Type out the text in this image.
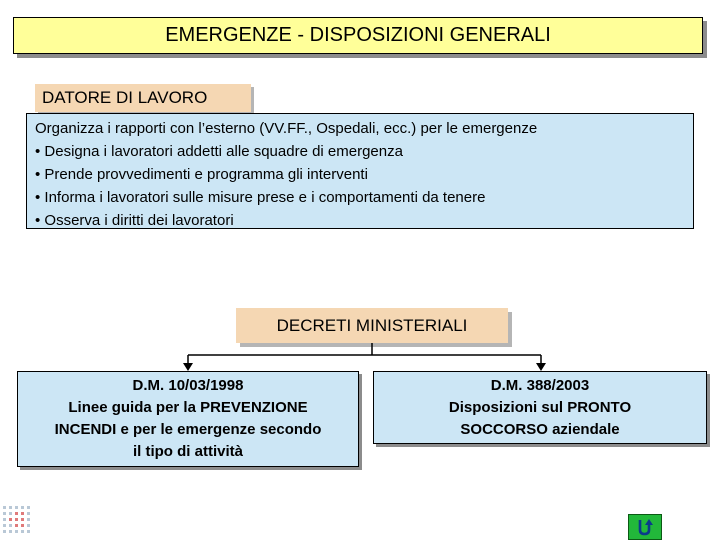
EMERGENZE - DISPOSIZIONI GENERALI
DATORE DI LAVORO
Organizza i rapporti con l’esterno (VV.FF., Ospedali, ecc.) per le emergenze
• Designa i lavoratori addetti alle squadre di emergenza
• Prende provvedimenti e programma gli interventi
• Informa i lavoratori sulle misure prese e i comportamenti da tenere
• Osserva i diritti dei lavoratori
DECRETI MINISTERIALI
D.M. 10/03/1998
Linee guida per la PREVENZIONE
INCENDI e per le emergenze secondo
il tipo di attività
D.M. 388/2003
Disposizioni sul PRONTO
SOCCORSO aziendale
